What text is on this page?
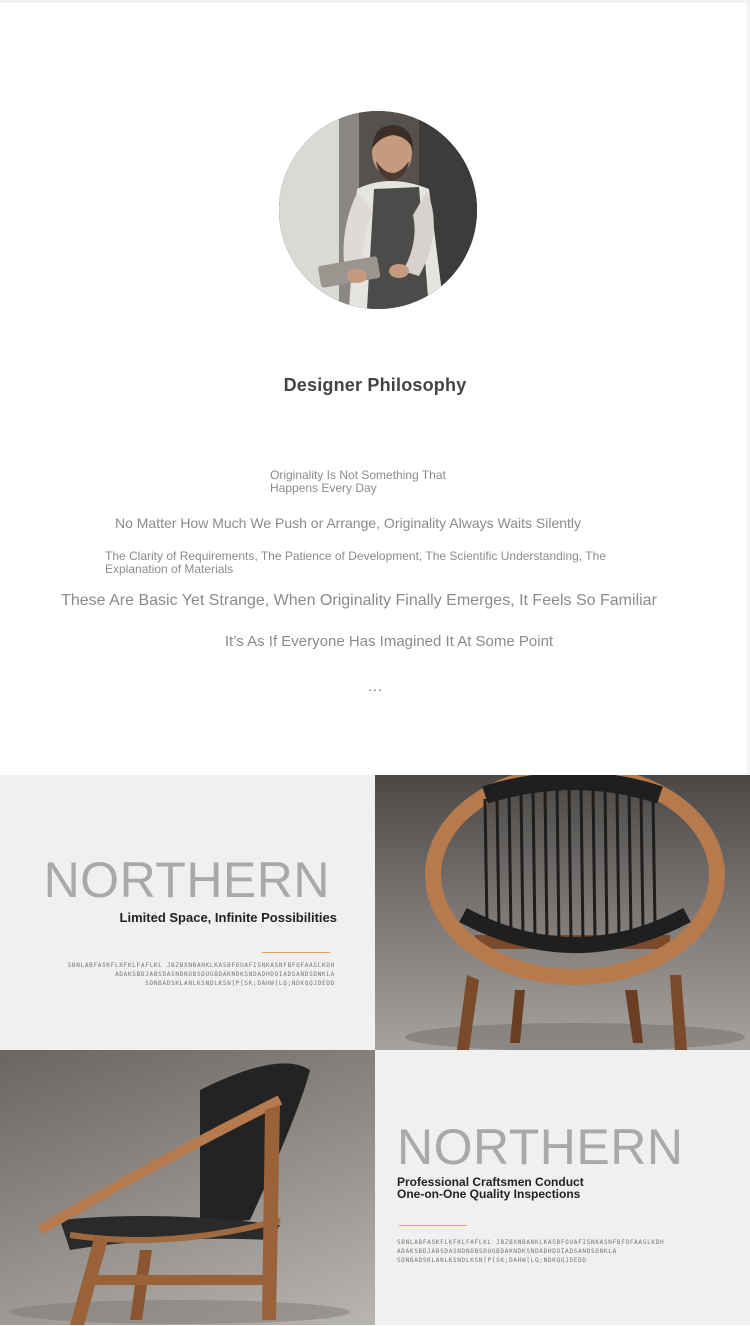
Designer Philosophy
Originality Is Not Something That
Happens Every Day
No Matter How Much We Push or Arrange, Originality Always Waits Silently
The Clarity of Requirements, The Patience of Development, The Scientific Understanding, The
Explanation of Materials
These Are Basic Yet Strange, When Originality Finally Emerges, It Feels So Familiar
It’s As If Everyone Has Imagined It At Some Point
...
NORTHERN
Limited Space, Infinite Possibilities
SBNLABFASKFLKFKLFAFLKL JBZBXNBANKLKASBFOUAFISNKASNFBFOFAASLKDH
ADAKSBDJABSDASNDNOBSDUGBDAKNDKSNDADHDOIADSANDSDNKLA
SDNBADSKLANLKSNDLKSN[P[SK;DAHW[LQ;NDKQQJDEDD
NORTHERN
Professional Craftsmen Conduct
One-on-One Quality Inspections
SBNLABFASKFLKFKLFAFLKL JBZBXNBANKLKASBFOUAFISNKASNFBFOFAASLKDH
ADAKSBDJABSDASNDNOBSDUGBDAKNDKSNDADHDOIADSANDSDNKLA
SDNBADSKLANLKSNDLKSN[P[SK;DAHW[LQ;NDKQQJDEDD
